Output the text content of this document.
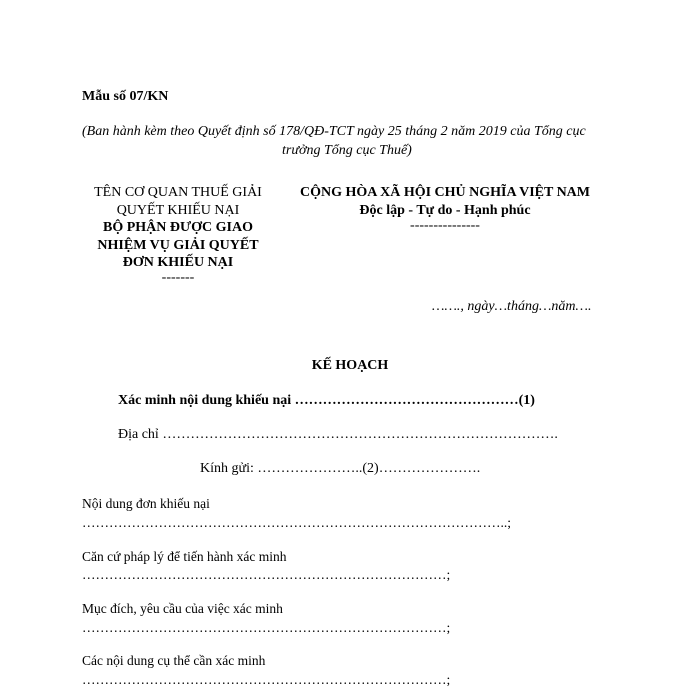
Mẫu số 07/KN
(Ban hành kèm theo Quyết định số 178/QĐ-TCT ngày 25 tháng 2 năm 2019 của Tổng cục
trưởng Tổng cục Thuế)
TÊN CƠ QUAN THUẾ GIẢI
QUYẾT KHIẾU NẠI
BỘ PHẬN ĐƯỢC GIAO
NHIỆM VỤ GIẢI QUYẾT
ĐƠN KHIẾU NẠI
-------
CỘNG HÒA XÃ HỘI CHỦ NGHĨA VIỆT NAM
Độc lập - Tự do - Hạnh phúc
---------------
……., ngày…tháng…năm….
KẾ HOẠCH
Xác minh nội dung khiếu nại …………………………………………(1)
Địa chỉ ………………………………………………………………………….
Kính gửi: …………………..(2)………………….
Nội dung đơn khiếu nại
…………………………………………………………………………………..;
Căn cứ pháp lý để tiến hành xác minh
………………………………………………………………………;
Mục đích, yêu cầu của việc xác minh
………………………………………………………………………;
Các nội dung cụ thể cần xác minh
………………………………………………………………………;
